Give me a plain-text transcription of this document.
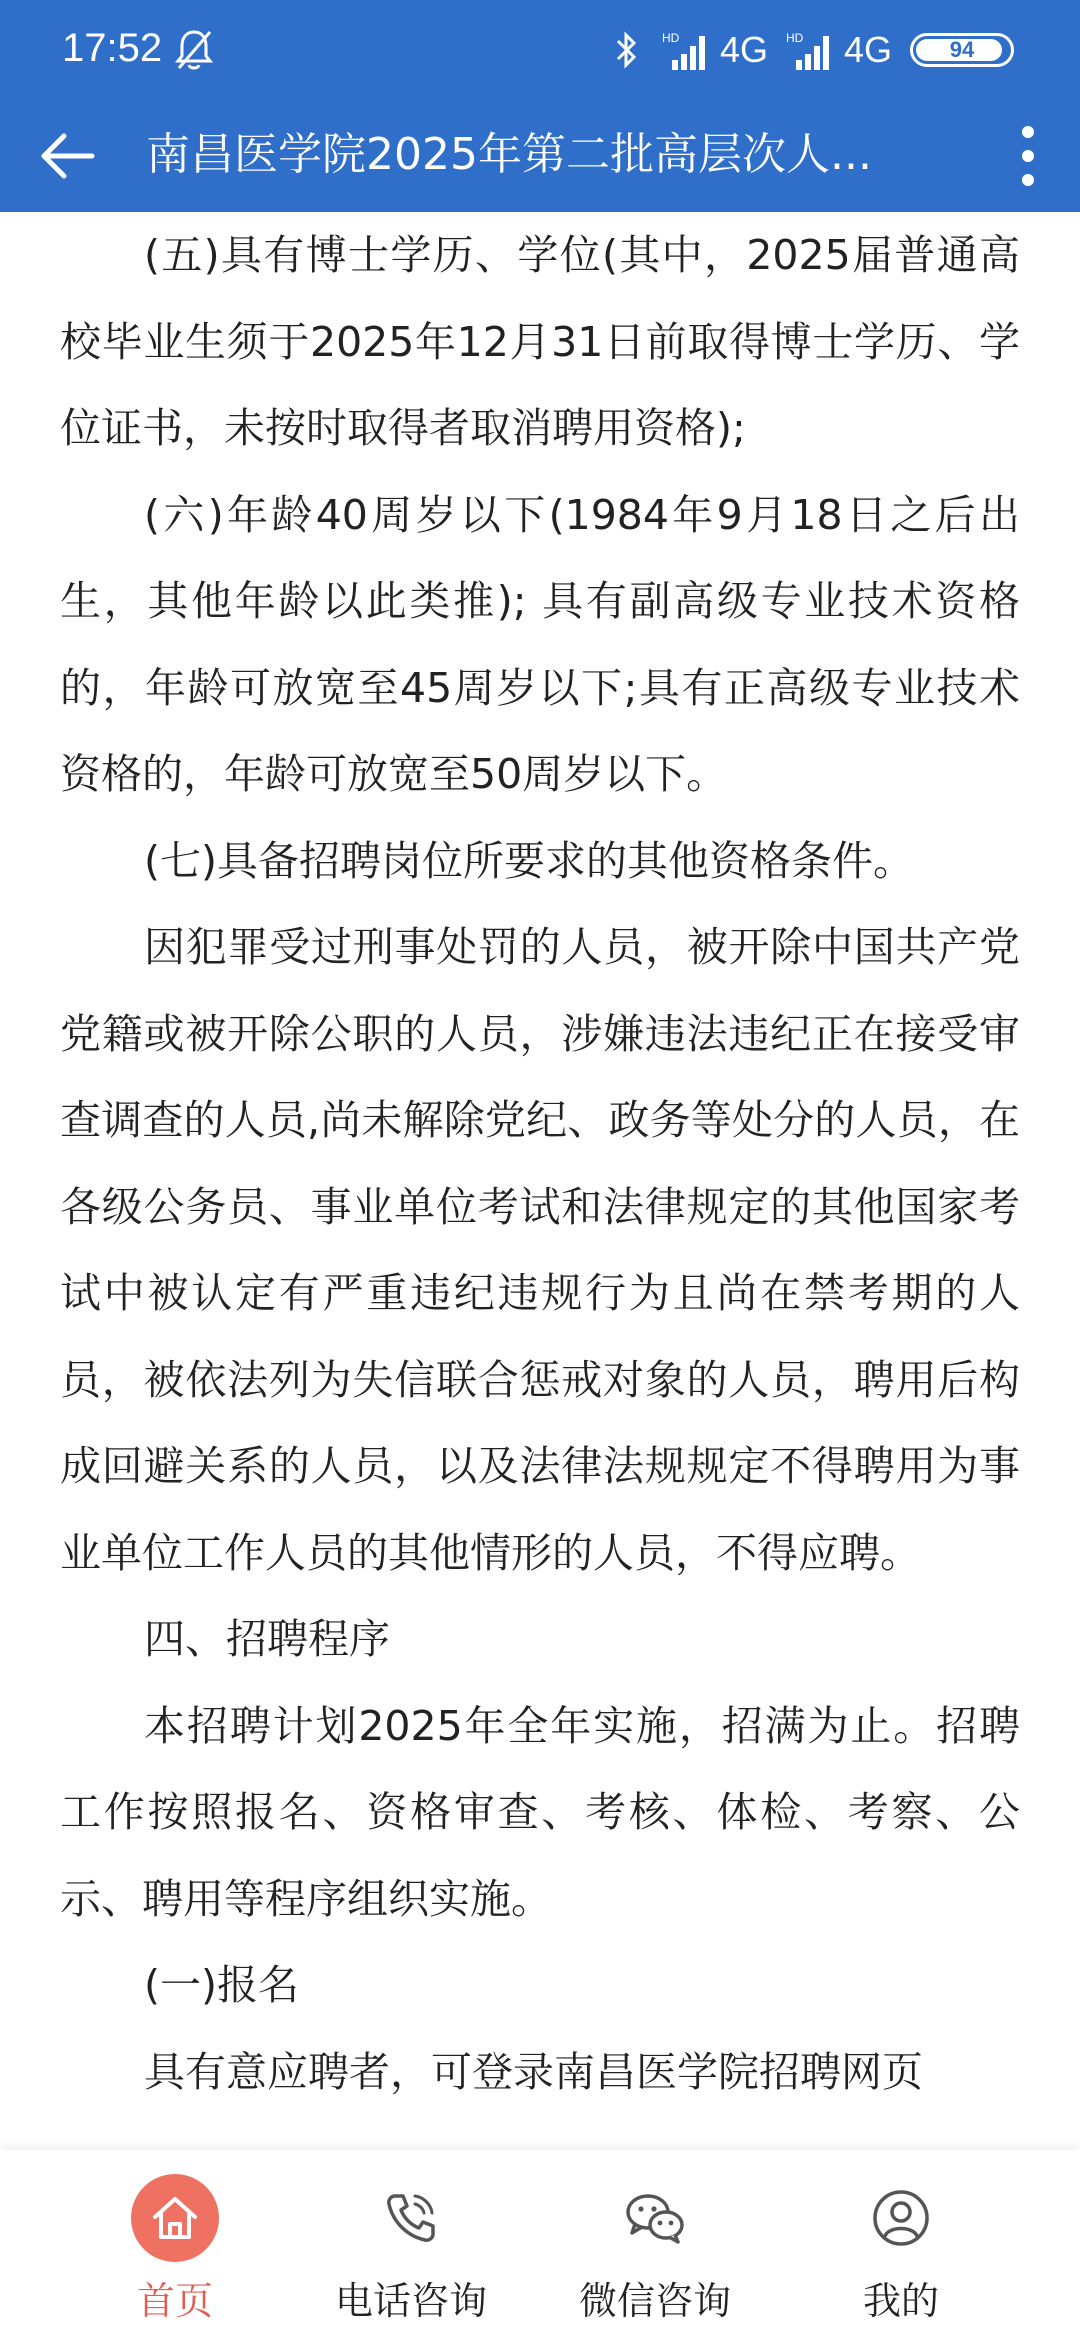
17:52	HD 4G HD 4G	94
南昌医学院2025年第二批高层次人...

(五)具有博士学历、学位(其中，2025届普通高校毕业生须于2025年12月31日前取得博士学历、学位证书，未按时取得者取消聘用资格);

(六)年龄40周岁以下(1984年9月18日之后出生，其他年龄以此类推); 具有副高级专业技术资格的，年龄可放宽至45周岁以下;具有正高级专业技术资格的，年龄可放宽至50周岁以下。

(七)具备招聘岗位所要求的其他资格条件。

因犯罪受过刑事处罚的人员，被开除中国共产党党籍或被开除公职的人员，涉嫌违法违纪正在接受审查调查的人员,尚未解除党纪、政务等处分的人员，在各级公务员、事业单位考试和法律规定的其他国家考试中被认定有严重违纪违规行为且尚在禁考期的人员，被依法列为失信联合惩戒对象的人员，聘用后构成回避关系的人员，以及法律法规规定不得聘用为事业单位工作人员的其他情形的人员，不得应聘。

四、招聘程序

本招聘计划2025年全年实施，招满为止。招聘工作按照报名、资格审查、考核、体检、考察、公示、聘用等程序组织实施。

(一)报名

具有意应聘者，可登录南昌医学院招聘网页

首页	电话咨询 微信咨询	我的
